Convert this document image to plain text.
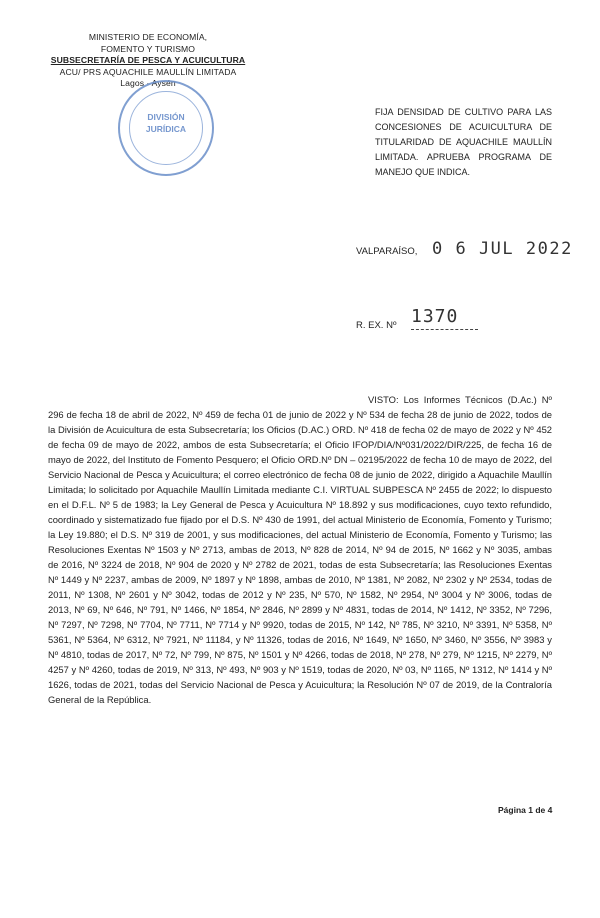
MINISTERIO DE ECONOMÍA,
FOMENTO Y TURISMO
SUBSECRETARÍA DE PESCA Y ACUICULTURA
ACU/ PRS AQUACHILE MAULLÍN LIMITADA
Lagos - Aysén
DIVISIÓN
JURÍDICA
FIJA DENSIDAD DE CULTIVO PARA LAS CONCESIONES DE ACUICULTURA DE TITULARIDAD DE AQUACHILE MAULLÍN LIMITADA. APRUEBA PROGRAMA DE MANEJO QUE INDICA.
VALPARAÍSO, 0 6 JUL 2022
R. EX. Nº 1370
VISTO: Los Informes Técnicos (D.Ac.) Nº 296 de fecha 18 de abril de 2022, Nº 459 de fecha 01 de junio de 2022 y Nº 534 de fecha 28 de junio de 2022, todos de la División de Acuicultura de esta Subsecretaría; los Oficios (D.AC.) ORD. Nº 418 de fecha 02 de mayo de 2022 y Nº 452 de fecha 09 de mayo de 2022, ambos de esta Subsecretaría; el Oficio IFOP/DIA/Nº031/2022/DIR/225, de fecha 16 de mayo de 2022, del Instituto de Fomento Pesquero; el Oficio ORD.Nº DN – 02195/2022 de fecha 10 de mayo de 2022, del Servicio Nacional de Pesca y Acuicultura; el correo electrónico de fecha 08 de junio de 2022, dirigido a Aquachile Maullín Limitada; lo solicitado por Aquachile Maullín Limitada mediante C.I. VIRTUAL SUBPESCA Nº 2455 de 2022; lo dispuesto en el D.F.L. Nº 5 de 1983; la Ley General de Pesca y Acuicultura Nº 18.892 y sus modificaciones, cuyo texto refundido, coordinado y sistematizado fue fijado por el D.S. Nº 430 de 1991, del actual Ministerio de Economía, Fomento y Turismo; la Ley 19.880; el D.S. Nº 319 de 2001, y sus modificaciones, del actual Ministerio de Economía, Fomento y Turismo; las Resoluciones Exentas Nº 1503 y Nº 2713, ambas de 2013, Nº 828 de 2014, Nº 94 de 2015, Nº 1662 y Nº 3035, ambas de 2016, Nº 3224 de 2018, Nº 904 de 2020 y Nº 2782 de 2021, todas de esta Subsecretaría; las Resoluciones Exentas Nº 1449 y Nº 2237, ambas de 2009, Nº 1897 y Nº 1898, ambas de 2010, Nº 1381, Nº 2082, Nº 2302 y Nº 2534, todas de 2011, Nº 1308, Nº 2601 y Nº 3042, todas de 2012 y Nº 235, Nº 570, Nº 1582, Nº 2954, Nº 3004 y Nº 3006, todas de 2013, Nº 69, Nº 646, Nº 791, Nº 1466, Nº 1854, Nº 2846, Nº 2899 y Nº 4831, todas de 2014, Nº 1412, Nº 3352, Nº 7296, Nº 7297, Nº 7298, Nº 7704, Nº 7711, Nº 7714 y Nº 9920, todas de 2015, Nº 142, Nº 785, Nº 3210, Nº 3391, Nº 5358, Nº 5361, Nº 5364, Nº 6312, Nº 7921, Nº 11184, y Nº 11326, todas de 2016, Nº 1649, Nº 1650, Nº 3460, Nº 3556, Nº 3983 y Nº 4810, todas de 2017, Nº 72, Nº 799, Nº 875, Nº 1501 y Nº 4266, todas de 2018, Nº 278, Nº 279, Nº 1215, Nº 2279, Nº 4257 y Nº 4260, todas de 2019, Nº 313, Nº 493, Nº 903 y Nº 1519, todas de 2020, Nº 03, Nº 1165, Nº 1312, Nº 1414 y Nº 1626, todas de 2021, todas del Servicio Nacional de Pesca y Acuicultura; la Resolución Nº 07 de 2019, de la Contraloría General de la República.
Página 1 de 4
